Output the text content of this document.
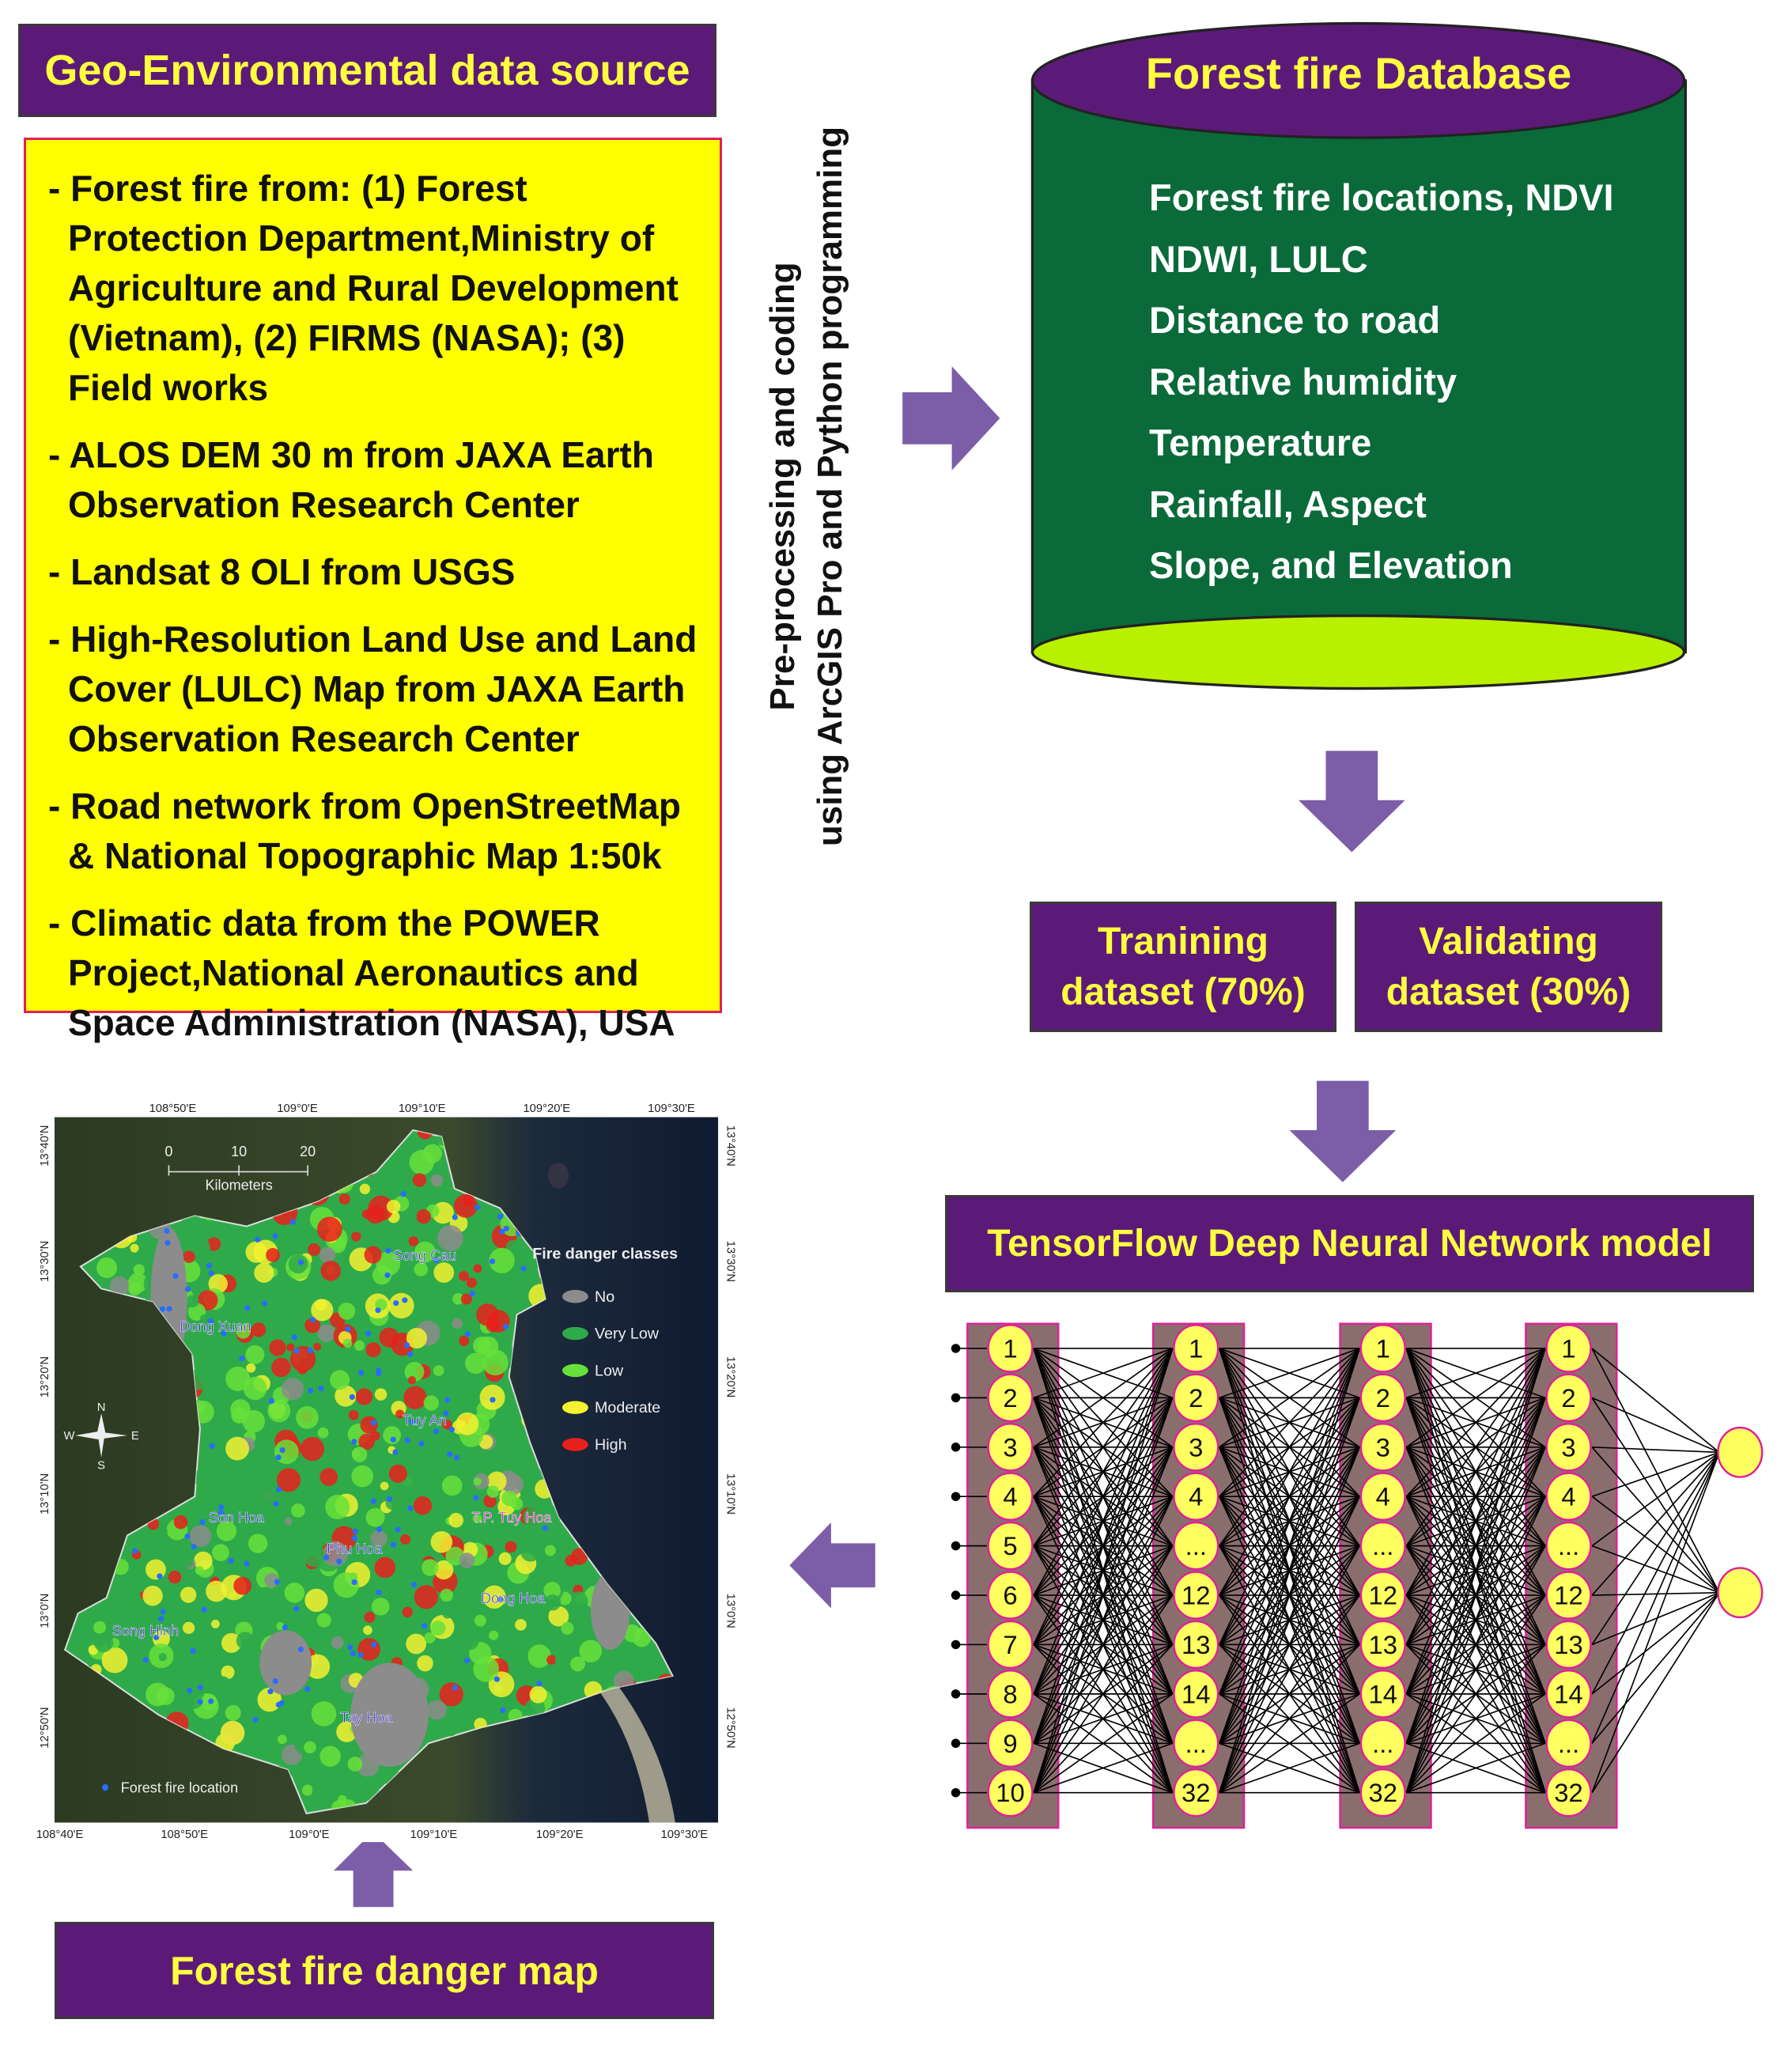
1
2
3
4
5
6
7
8
9
10
1
2
3
4
...
12
13
14
...
32
1
2
3
4
...
12
13
14
...
32
1
2
3
4
...
12
13
14
...
32
108°50'E	109°0'E	109°10'E	109°20'E	109°30'E
108°40'E	108°50'E	109°0'E	109°10'E	109°20'E	109°30'E
13°40'N
13°30'N
13°20'N
13°10'N
13°0'N
12°50'N
13°40'N
13°30'N
13°20'N
13°10'N
13°0'N
12°50'N
0	10	20
Kilometers
N
S
E
W
Song Cau
Dong Xuan
Tuy An
Son Hoa
Phu Hoa
T.P. Tuy Hoa
Dong Hoa
Song Hinh
Tay Hoa
Fire danger classes
No
Very Low
Low
Moderate
High
Forest fire location
Geo-Environmental data source
- Forest fire from: (1) Forest Protection Department,Ministry of Agriculture and Rural Development (Vietnam), (2) FIRMS (NASA); (3) Field works
- ALOS DEM 30 m from JAXA Earth Observation Research Center
- Landsat 8 OLI from USGS
- High-Resolution Land Use and Land Cover (LULC) Map from JAXA Earth Observation Research Center
- Road network from OpenStreetMap & National Topographic Map 1:50k
- Climatic data from the POWER Project,National Aeronautics and Space Administration (NASA), USA
Pre-processing and coding using ArcGIS Pro and Python programming
Forest fire Database
Forest fire locations, NDVI
NDWI, LULC
Distance to road
Relative humidity
Temperature
Rainfall, Aspect
Slope, and Elevation
Tranining
dataset (70%)
Validating
dataset (30%)
TensorFlow Deep Neural Network model
Forest fire danger map
